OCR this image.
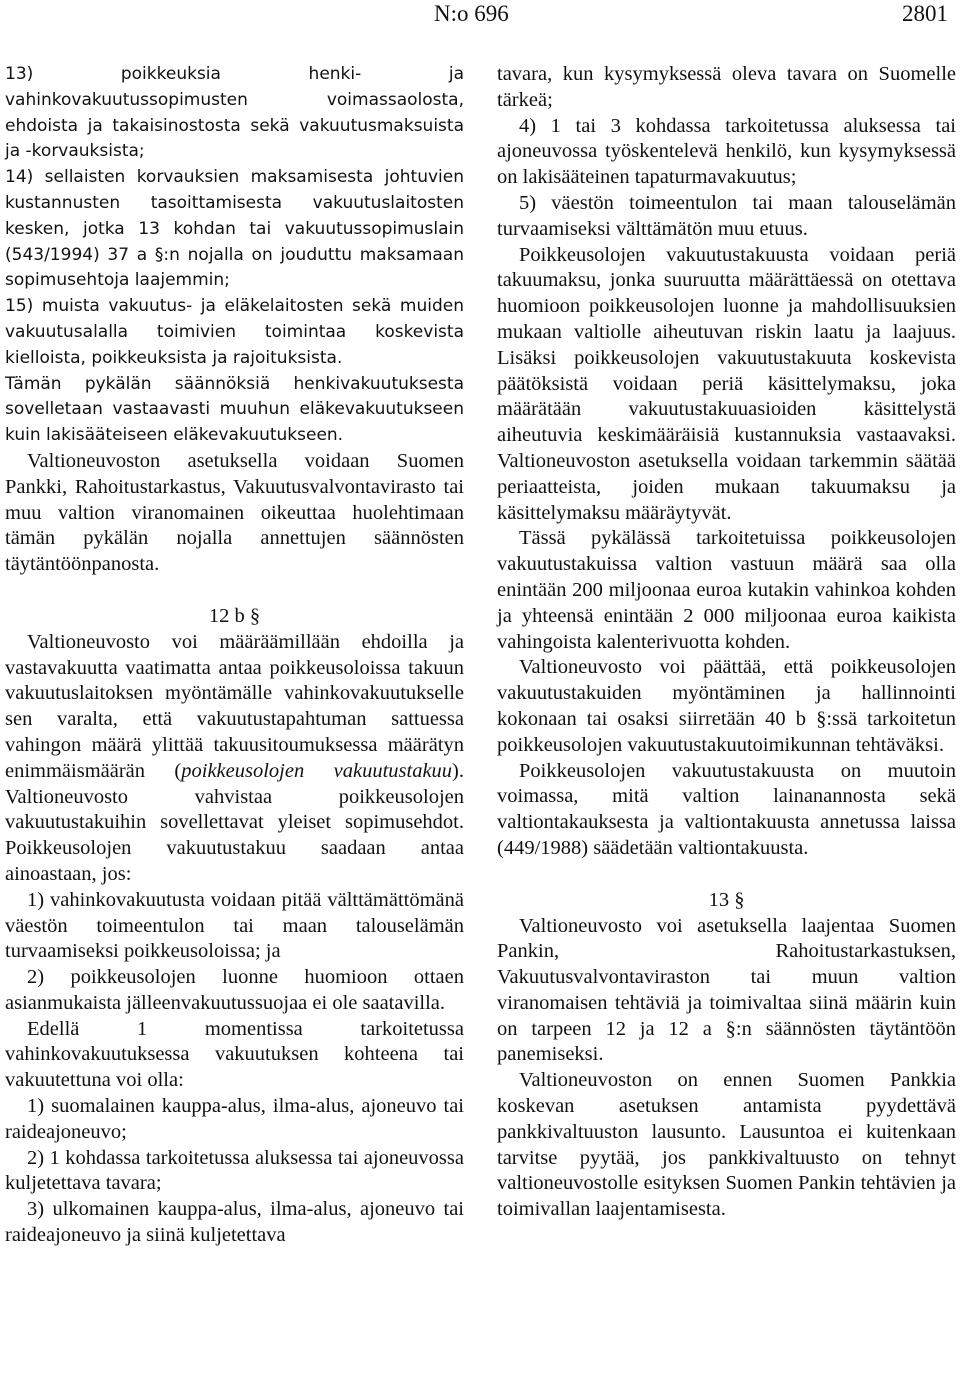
N:o 696	2801

13) poikkeuksia henki- ja vahinkovakuutussopimusten voimassaolosta, ehdoista ja takaisinostosta sekä vakuutusmaksuista ja -korvauksista;

14) sellaisten korvauksien maksamisesta johtuvien kustannusten tasoittamisesta vakuutuslaitosten kesken, jotka 13 kohdan tai vakuutussopimuslain (543/1994) 37 a §:n nojalla on jouduttu maksamaan sopimusehtoja laajemmin;

15) muista vakuutus- ja eläkelaitosten sekä muiden vakuutusalalla toimivien toimintaa koskevista kielloista, poikkeuksista ja rajoituksista.

Tämän pykälän säännöksiä henkivakuutuksesta sovelletaan vastaavasti muuhun eläkevakuutukseen kuin lakisääteiseen eläkevakuutukseen.

Valtioneuvoston asetuksella voidaan Suomen Pankki, Rahoitustarkastus, Vakuutusvalvontavirasto tai muu valtion viranomainen oikeuttaa huolehtimaan tämän pykälän nojalla annettujen säännösten täytäntöönpanosta.

12 b §

Valtioneuvosto voi määräämillään ehdoilla ja vastavakuutta vaatimatta antaa poikkeusoloissa takuun vakuutuslaitoksen myöntämälle vahinkovakuutukselle sen varalta, että vakuutustapahtuman sattuessa vahingon määrä ylittää takuusitoumuksessa määrätyn enimmäismäärän (poikkeusolojen vakuutustakuu). Valtioneuvosto vahvistaa poikkeusolojen vakuutustakuihin sovellettavat yleiset sopimusehdot. Poikkeusolojen vakuutustakuu saadaan antaa ainoastaan, jos:

1) vahinkovakuutusta voidaan pitää välttämättömänä väestön toimeentulon tai maan talouselämän turvaamiseksi poikkeusoloissa; ja

2) poikkeusolojen luonne huomioon ottaen asianmukaista jälleenvakuutussuojaa ei ole saatavilla.

Edellä 1 momentissa tarkoitetussa vahinkovakuutuksessa vakuutuksen kohteena tai vakuutettuna voi olla:

1) suomalainen kauppa-alus, ilma-alus, ajoneuvo tai raideajoneuvo;

2) 1 kohdassa tarkoitetussa aluksessa tai ajoneuvossa kuljetettava tavara;

3) ulkomainen kauppa-alus, ilma-alus, ajoneuvo tai raideajoneuvo ja siinä kuljetettava

tavara, kun kysymyksessä oleva tavara on Suomelle tärkeä;

4) 1 tai 3 kohdassa tarkoitetussa aluksessa tai ajoneuvossa työskentelevä henkilö, kun kysymyksessä on lakisääteinen tapaturmavakuutus;

5) väestön toimeentulon tai maan talouselämän turvaamiseksi välttämätön muu etuus.

Poikkeusolojen vakuutustakuusta voidaan periä takuumaksu, jonka suuruutta määrättäessä on otettava huomioon poikkeusolojen luonne ja mahdollisuuksien mukaan valtiolle aiheutuvan riskin laatu ja laajuus. Lisäksi poikkeusolojen vakuutustakuuta koskevista päätöksistä voidaan periä käsittelymaksu, joka määrätään vakuutustakuuasioiden käsittelystä aiheutuvia keskimääräisiä kustannuksia vastaavaksi. Valtioneuvoston asetuksella voidaan tarkemmin säätää periaatteista, joiden mukaan takuumaksu ja käsittelymaksu määräytyvät.

Tässä pykälässä tarkoitetuissa poikkeusolojen vakuutustakuissa valtion vastuun määrä saa olla enintään 200 miljoonaa euroa kutakin vahinkoa kohden ja yhteensä enintään 2 000 miljoonaa euroa kaikista vahingoista kalenterivuotta kohden.

Valtioneuvosto voi päättää, että poikkeusolojen vakuutustakuiden myöntäminen ja hallinnointi kokonaan tai osaksi siirretään 40 b §:ssä tarkoitetun poikkeusolojen vakuutustakuutoimikunnan tehtäväksi.

Poikkeusolojen vakuutustakuusta on muutoin voimassa, mitä valtion lainanannosta sekä valtiontakauksesta ja valtiontakuusta annetussa laissa (449/1988) säädetään valtiontakuusta.

13 §

Valtioneuvosto voi asetuksella laajentaa Suomen Pankin, Rahoitustarkastuksen, Vakuutusvalvontaviraston tai muun valtion viranomaisen tehtäviä ja toimivaltaa siinä määrin kuin on tarpeen 12 ja 12 a §:n säännösten täytäntöön panemiseksi.

Valtioneuvoston on ennen Suomen Pankkia koskevan asetuksen antamista pyydettävä pankkivaltuuston lausunto. Lausuntoa ei kuitenkaan tarvitse pyytää, jos pankkivaltuusto on tehnyt valtioneuvostolle esityksen Suomen Pankin tehtävien ja toimivallan laajentamisesta.
